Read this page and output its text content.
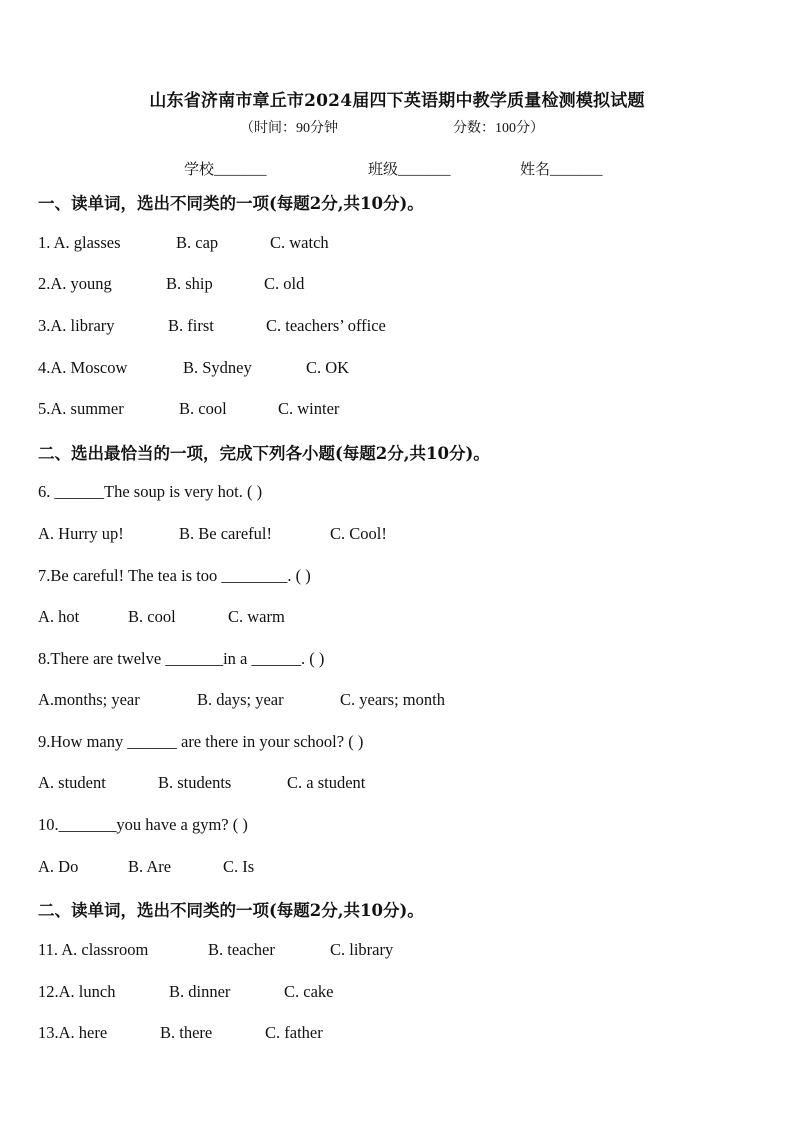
山东省济南市章丘市2024届四下英语期中教学质量检测模拟试题
（时间：90分钟	分数：100分）
学校_______	班级_______	姓名_______
一、读单词，选出不同类的一项(每题2分,共10分)。
1. A. glasses	B. cap	C. watch
2.A. young	B. ship	C. old
3.A. library	B. first	C. teachers’ office
4.A. Moscow	B. Sydney	C. OK
5.A. summer	B. cool	C. winter
二、选出最恰当的一项，完成下列各小题(每题2分,共10分)。
6. ______The soup is very hot. ( )
A. Hurry up!	B. Be careful!	C. Cool!
7.Be careful! The tea is too ________. ( )
A. hot	B. cool	C. warm
8.There are twelve _______in a ______. ( )
A.months; year	B. days; year	C. years; month
9.How many ______ are there in your school? ( )
A. student	B. students	C. a student
10._______you have a gym? ( )
A. Do	B. Are	C. Is
二、读单词，选出不同类的一项(每题2分,共10分)。
11. A. classroom	B. teacher	C. library
12.A. lunch	B. dinner	C. cake
13.A. here	B. there	C. father
